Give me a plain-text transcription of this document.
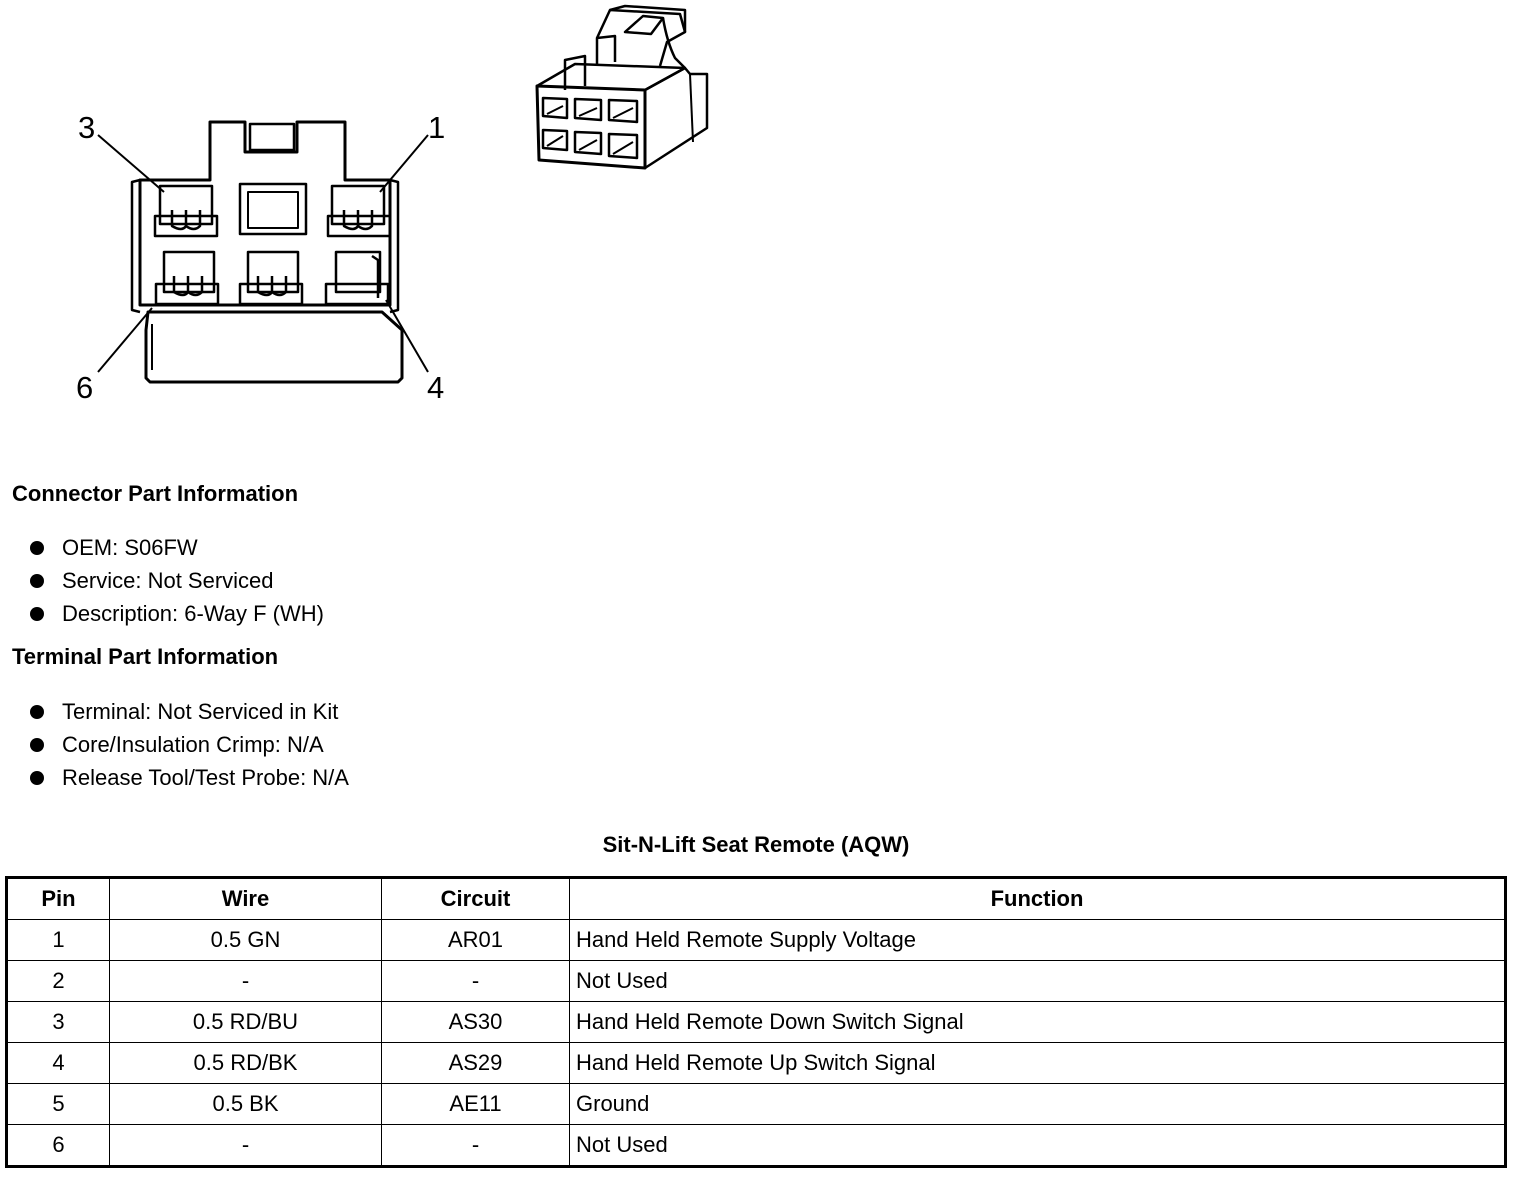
3	1
6	4
Connector Part Information
OEM: S06FW
Service: Not Serviced
Description: 6-Way F (WH)
Terminal Part Information
Terminal: Not Serviced in Kit
Core/Insulation Crimp: N/A
Release Tool/Test Probe: N/A
Sit-N-Lift Seat Remote (AQW)
Pin	Wire	Circuit	Function
1	0.5 GN	AR01	Hand Held Remote Supply Voltage
2	-	-	Not Used
3	0.5 RD/BU	AS30	Hand Held Remote Down Switch Signal
4	0.5 RD/BK	AS29	Hand Held Remote Up Switch Signal
5	0.5 BK	AE11	Ground
6	-	-	Not Used
